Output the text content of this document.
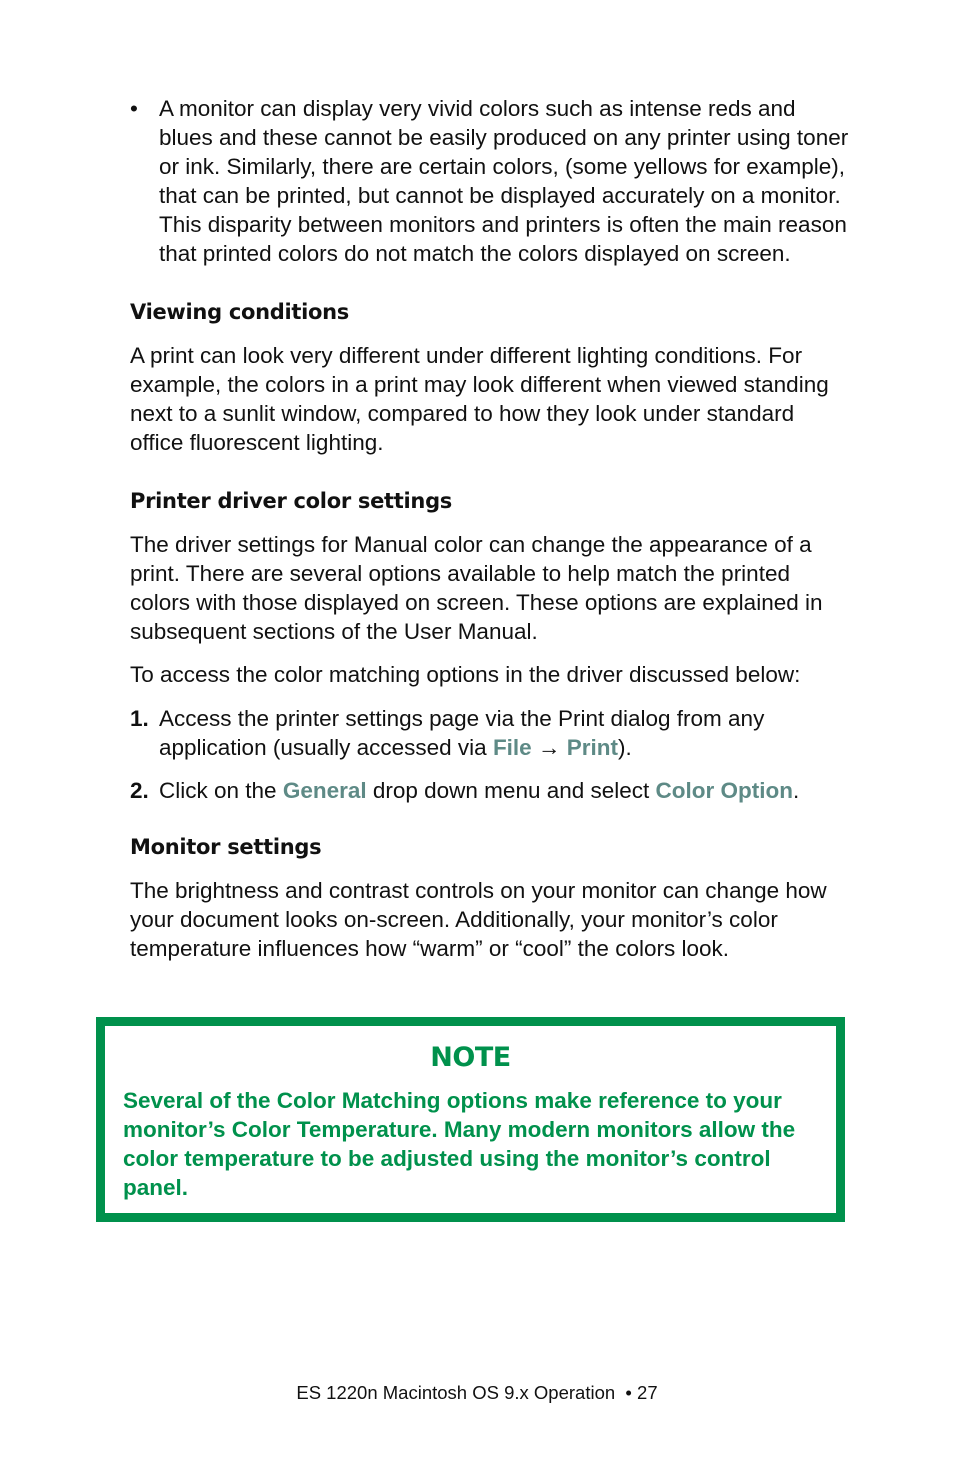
• A monitor can display very vivid colors such as intense reds and blues and these cannot be easily produced on any printer using toner or ink. Similarly, there are certain colors, (some yellows for example), that can be printed, but cannot be displayed accurately on a monitor. This disparity between monitors and printers is often the main reason that printed colors do not match the colors displayed on screen.
Viewing conditions

A print can look very different under different lighting conditions. For example, the colors in a print may look different when viewed standing next to a sunlit window, compared to how they look under standard office fluorescent lighting.

Printer driver color settings

The driver settings for Manual color can change the appearance of a print. There are several options available to help match the printed colors with those displayed on screen. These options are explained in subsequent sections of the User Manual.

To access the color matching options in the driver discussed below:

1. Access the printer settings page via the Print dialog from any application (usually accessed via File → Print).
2. Click on the General drop down menu and select Color Option.
Monitor settings

The brightness and contrast controls on your monitor can change how your document looks on-screen. Additionally, your monitor’s color temperature influences how “warm” or “cool” the colors look.

NOTE
Several of the Color Matching options make reference to your monitor’s Color Temperature. Many modern monitors allow the color temperature to be adjusted using the monitor’s control panel.
ES 1220n Macintosh OS 9.x Operation  • 27
